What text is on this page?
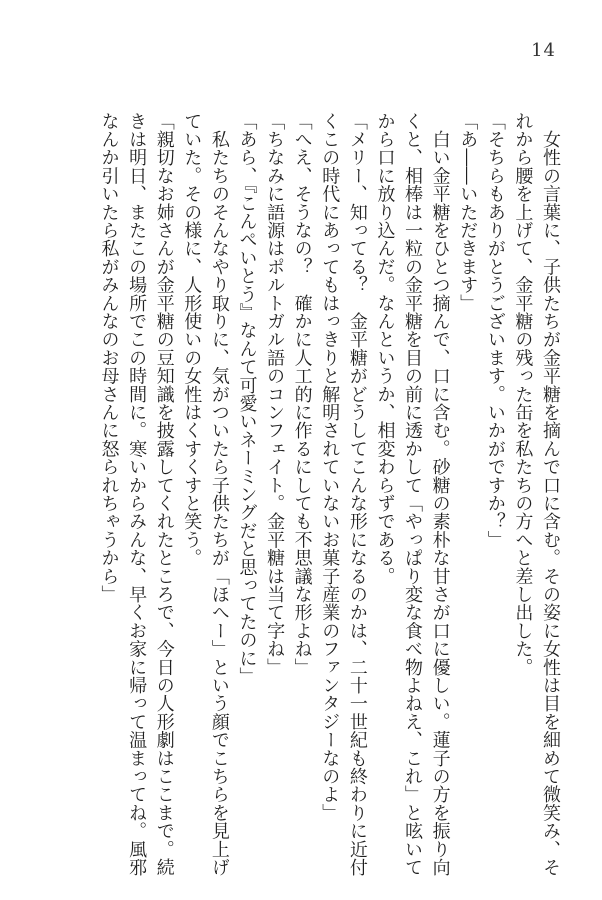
14
　女性の言葉に、子供たちが金平糖を摘んで口に含む。その姿に女性は目を細めて微笑み、そ
れから腰を上げて、金平糖の残った缶を私たちの方へと差し出した。
「そちらもありがとうございます。いかがですか？」
「あ――いただきます」
　白い金平糖をひとつ摘んで、口に含む。砂糖の素朴な甘さが口に優しい。蓮子の方を振り向
くと、相棒は一粒の金平糖を目の前に透かして「やっぱり変な食べ物よねえ、これ」と呟いて
から口に放り込んだ。なんというか、相変わらずである。
「メリー、知ってる？　金平糖がどうしてこんな形になるのかは、二十一世紀も終わりに近付
くこの時代にあってもはっきりと解明されていないお菓子産業のファンタジーなのよ」
「へえ、そうなの？　確かに人工的に作るにしても不思議な形よね」
「ちなみに語源はポルトガル語のコンフェイト。金平糖は当て字ね」
「あら、『こんぺいとう』なんて可愛いネーミングだと思ってたのに」
　私たちのそんなやり取りに、気がついたら子供たちが「ほへー」という顔でこちらを見上げ
ていた。その様に、人形使いの女性はくすくすと笑う。
「親切なお姉さんが金平糖の豆知識を披露してくれたところで、今日の人形劇はここまで。続
きは明日、またこの場所でこの時間に。寒いからみんな、早くお家に帰って温まってね。風邪
なんか引いたら私がみんなのお母さんに怒られちゃうから」
